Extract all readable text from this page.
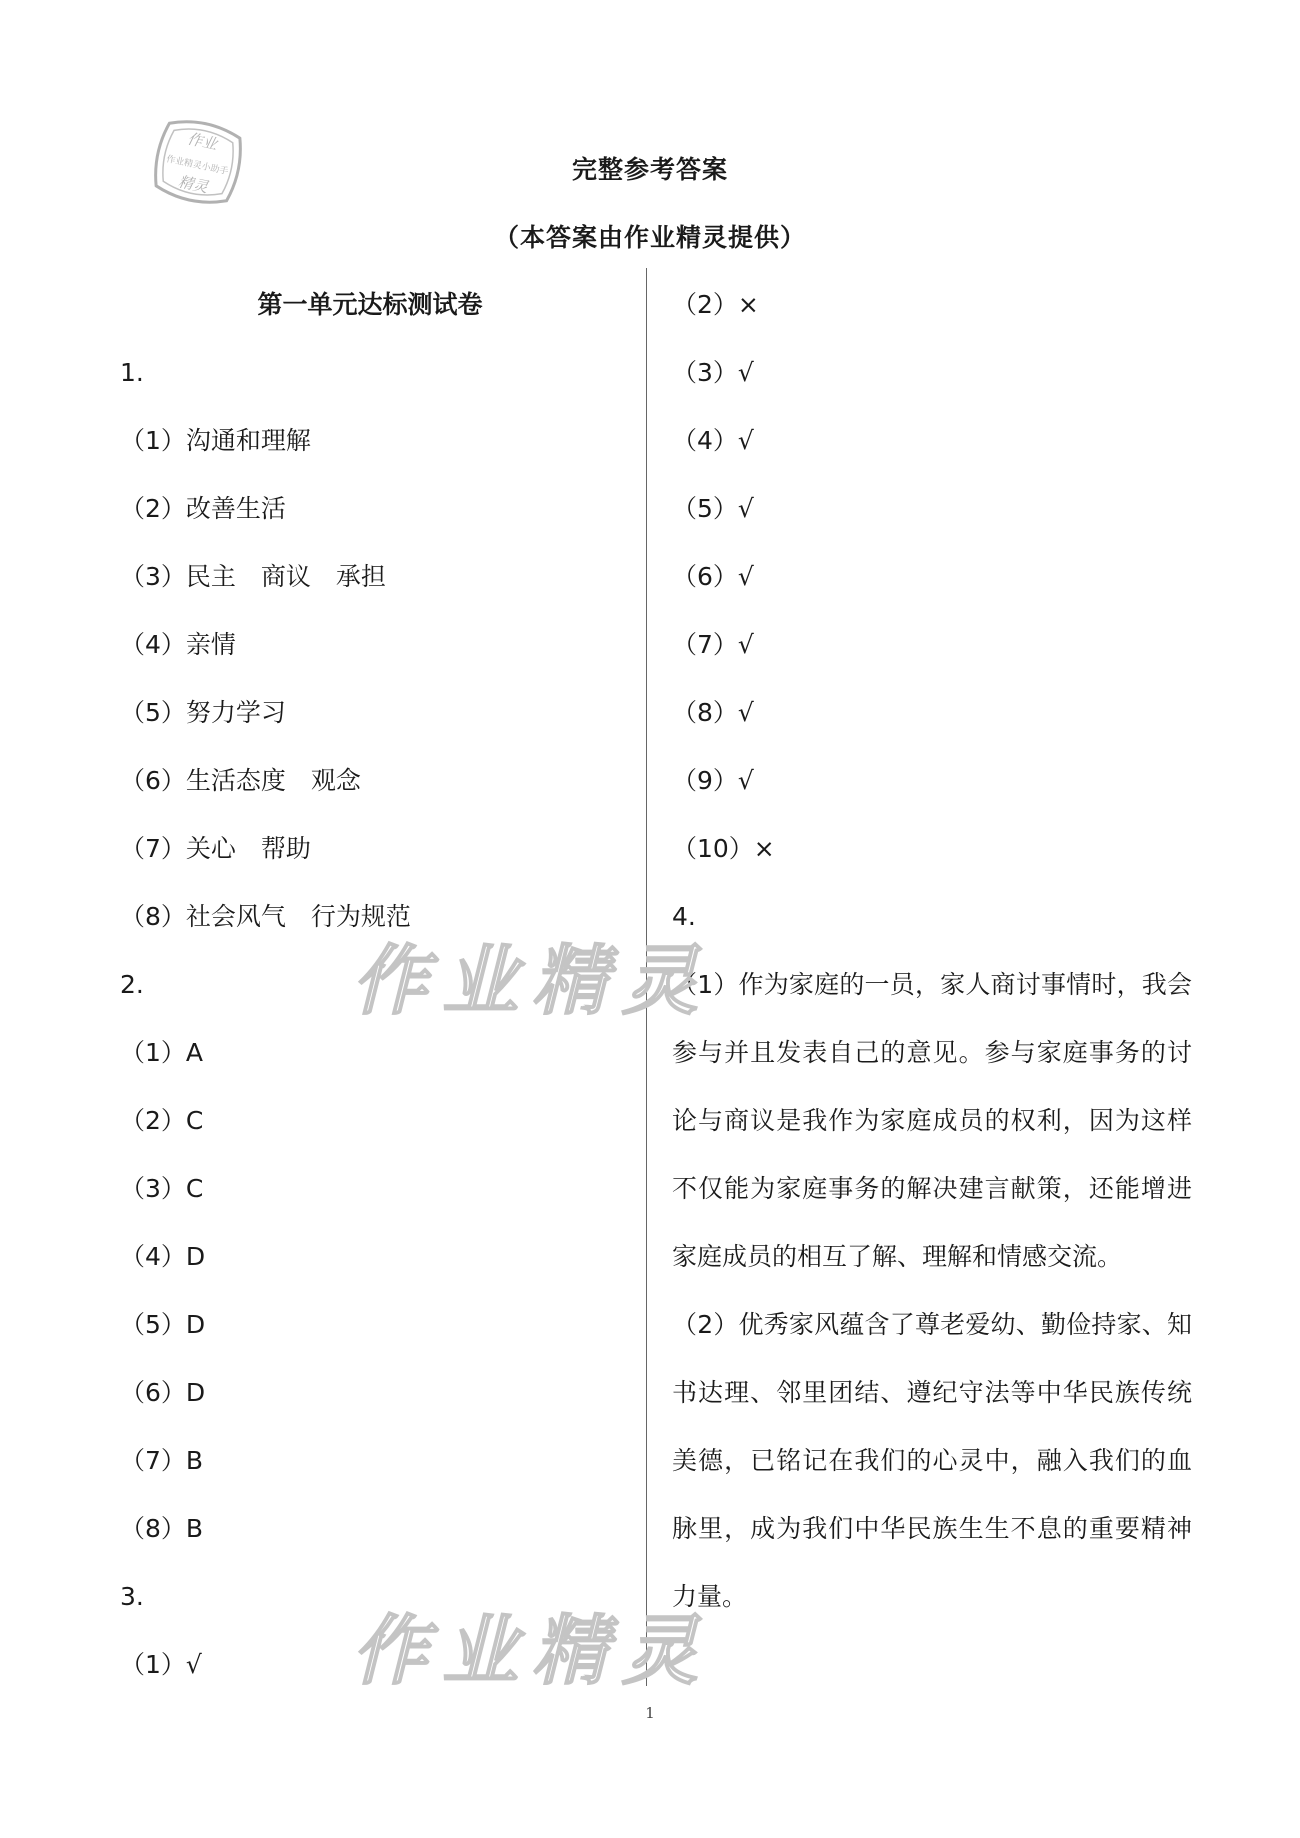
作业
作业精灵小助手
精灵
完整参考答案
（本答案由作业精灵提供）
第一单元达标测试卷
1.
（1）沟通和理解
（2）改善生活
（3）民主　商议　承担
（4）亲情
（5）努力学习
（6）生活态度　观念
（7）关心　帮助
（8）社会风气　行为规范
2.
（1）A
（2）C
（3）C
（4）D
（5）D
（6）D
（7）B
（8）B
3.
（1）√
（2）×
（3）√
（4）√
（5）√
（6）√
（7）√
（8）√
（9）√
（10）×
4.
（1）作为家庭的一员，家人商讨事情时，我会参与并且发表自己的意见。参与家庭事务的讨论与商议是我作为家庭成员的权利，因为这样不仅能为家庭事务的解决建言献策，还能增进家庭成员的相互了解、理解和情感交流。
（2）优秀家风蕴含了尊老爱幼、勤俭持家、知书达理、邻里团结、遵纪守法等中华民族传统美德，已铭记在我们的心灵中，融入我们的血脉里，成为我们中华民族生生不息的重要精神力量。
作业精灵
作业精灵
1
